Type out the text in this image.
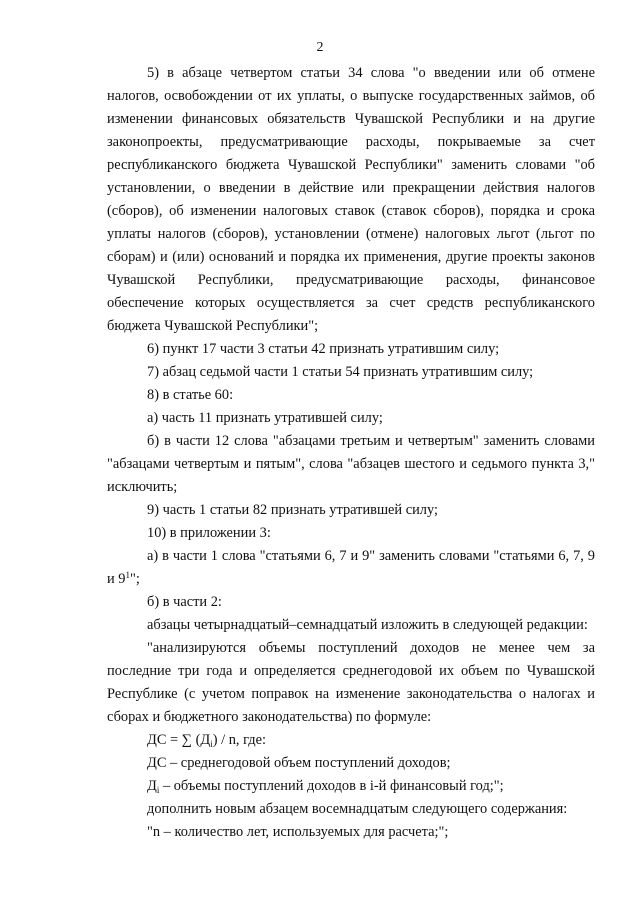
2

5) в абзаце четвертом статьи 34 слова "о введении или об отмене налогов, освобождении от их уплаты, о выпуске государственных займов, об изменении финансовых обязательств Чувашской Республики и на другие законопроекты, предусматривающие расходы, покрываемые за счет республиканского бюджета Чувашской Республики" заменить словами "об установлении, о введении в действие или прекращении действия налогов (сборов), об изменении налоговых ставок (ставок сборов), порядка и срока уплаты налогов (сборов), установлении (отмене) налоговых льгот (льгот по сборам) и (или) оснований и порядка их применения, другие проекты законов Чувашской Республики, предусматривающие расходы, финансовое обеспечение которых осуществляется за счет средств республиканского бюджета Чувашской Республики";

6) пункт 17 части 3 статьи 42 признать утратившим силу;

7) абзац седьмой части 1 статьи 54 признать утратившим силу;

8) в статье 60:

а) часть 11 признать утратившей силу;

б) в части 12 слова "абзацами третьим и четвертым" заменить словами "абзацами четвертым и пятым", слова "абзацев шестого и седьмого пункта 3," исключить;

9) часть 1 статьи 82 признать утратившей силу;

10) в приложении 3:

а) в части 1 слова "статьями 6, 7 и 9" заменить словами "статьями 6, 7, 9 и $9^1$";

б) в части 2:

абзацы четырнадцатый–семнадцатый изложить в следующей редакции:

"анализируются объемы поступлений доходов не менее чем за последние три года и определяется среднегодовой их объем по Чувашской Республике (с учетом поправок на изменение законодательства о налогах и сборах и бюджетного законодательства) по формуле:

ДС = ∑ $(Д_i)$ / n, где:

ДС – среднегодовой объем поступлений доходов;

$Д_i$ – объемы поступлений доходов в i-й финансовый год;";

дополнить новым абзацем восемнадцатым следующего содержания:

"n – количество лет, используемых для расчета;";
